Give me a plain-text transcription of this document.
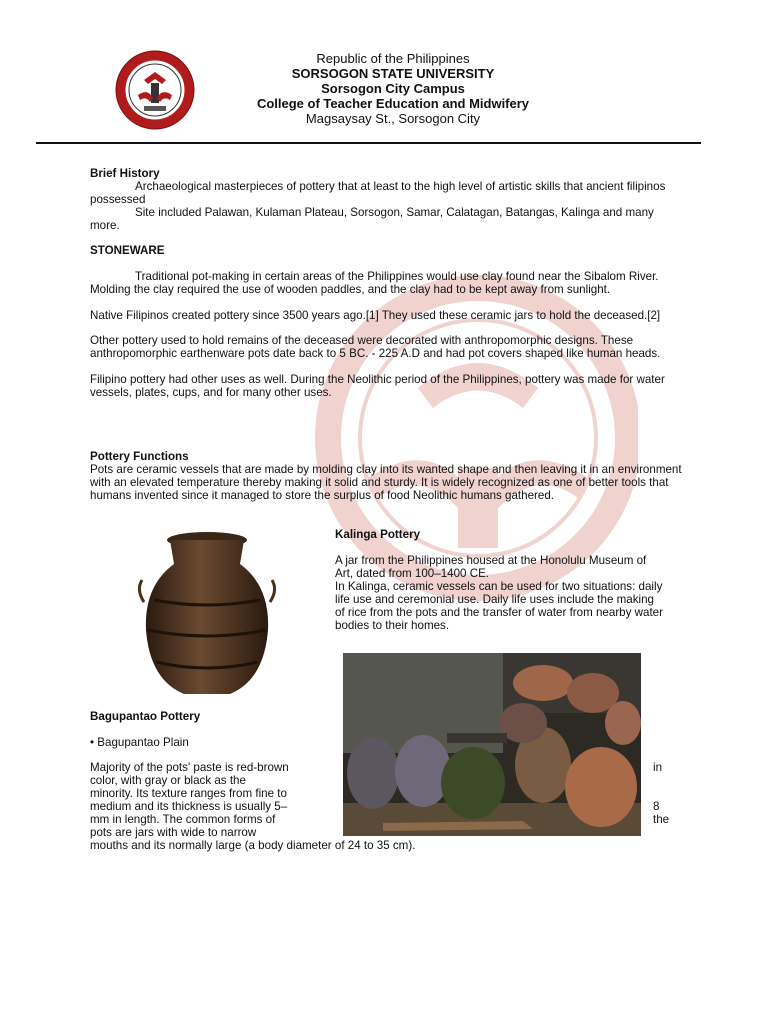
Republic of the Philippines
SORSOGON STATE UNIVERSITY
Sorsogon City Campus
College of Teacher Education and Midwifery
Magsaysay St., Sorsogon City

Brief History

Archaeological masterpieces of pottery that at least to the high level of artistic skills that ancient filipinos possessed

Site included Palawan, Kulaman Plateau, Sorsogon, Samar, Calatagan, Batangas, Kalinga and many more.

STONEWARE

Traditional pot-making in certain areas of the Philippines would use clay found near the Sibalom River. Molding the clay required the use of wooden paddles, and the clay had to be kept away from sunlight.

Native Filipinos created pottery since 3500 years ago.[1] They used these ceramic jars to hold the deceased.[2]

Other pottery used to hold remains of the deceased were decorated with anthropomorphic designs. These anthropomorphic earthenware pots date back to 5 BC. - 225 A.D and had pot covers shaped like human heads.

Filipino pottery had other uses as well. During the Neolithic period of the Philippines, pottery was made for water vessels, plates, cups, and for many other uses.

Pottery Functions

Pots are ceramic vessels that are made by molding clay into its wanted shape and then leaving it in an environment with an elevated temperature thereby making it solid and sturdy. It is widely recognized as one of better tools that humans invented since it managed to store the surplus of food Neolithic humans gathered.

Kalinga Pottery

A jar from the Philippines housed at the Honolulu Museum of Art, dated from 100–1400 CE.

In Kalinga, ceramic vessels can be used for two situations: daily life use and ceremonial use. Daily life uses include the making of rice from the pots and the transfer of water from nearby water bodies to their homes.

Bagupantao Pottery
• Bagupantao Plain

Majority of the pots' paste is red-brown

color, with gray or black as the

minority. Its texture ranges from fine to

medium and its thickness is usually 5–

mm in length. The common forms of

pots are jars with wide to narrow

in
8
the
mouths and its normally large (a body diameter of 24 to 35 cm).
